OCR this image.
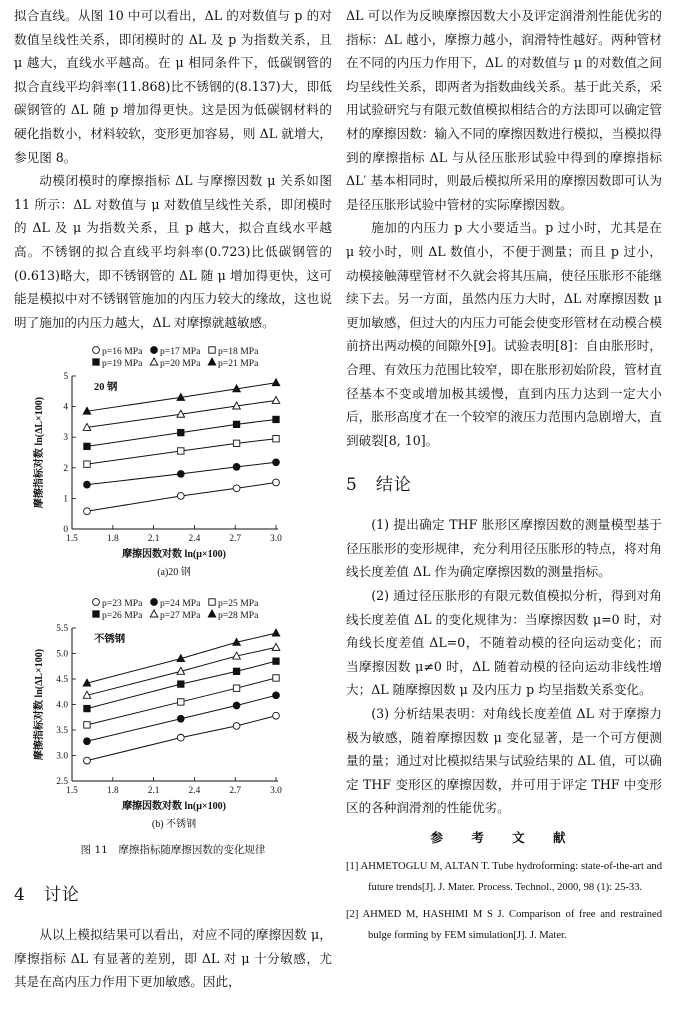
拟合直线。从图 10 中可以看出，ΔL 的对数值与 p 的对数值呈线性关系，即闭模时的 ΔL 及 p 为指数关系，且 μ 越大，直线水平越高。在 μ 相同条件下，低碳钢管的拟合直线平均斜率(11.868)比不锈钢的(8.137)大，即低碳钢管的 ΔL 随 p 增加得更快。这是因为低碳钢材料的硬化指数小，材料较软，变形更加容易，则 ΔL 就增大，参见图 8。

动模闭模时的摩擦指标 ΔL 与摩擦因数 μ 关系如图 11 所示：ΔL 对数值与 μ 对数值呈线性关系，即闭模时的 ΔL 及 μ 为指数关系，且 p 越大，拟合直线水平越高。不锈钢的拟合直线平均斜率(0.723)比低碳钢管的(0.613)略大，即不锈钢管的 ΔL 随 μ 增加得更快，这可能是模拟中对不锈钢管施加的内压力较大的缘故，这也说明了施加的内压力越大，ΔL 对摩擦就越敏感。

p=16 MPa p=17 MPa p=18 MPa
p=19 MPa p=20 MPa p=21 MPa
0
1
2
3
4
5
1.5	1.8	2.1	2.4	2.7	3.0
20 钢
摩擦因数对数 ln(μ×100)
摩擦指标对数 ln(ΔL×100)
(a)20 钢
p=23 MPa p=24 MPa p=25 MPa
p=26 MPa p=27 MPa p=28 MPa
2.5
3.0
3.5
4.0
4.5
5.0
5.5
1.5	1.8	2.1	2.4	2.7	3.0
不锈钢
摩擦因数对数 ln(μ×100)
摩擦指标对数 ln(ΔL×100)
(b) 不锈钢
图 11　摩擦指标随摩擦因数的变化规律
4　讨论

从以上模拟结果可以看出，对应不同的摩擦因数 μ，摩擦指标 ΔL 有显著的差别，即 ΔL 对 μ 十分敏感，尤其是在高内压力作用下更加敏感。因此，

ΔL 可以作为反映摩擦因数大小及评定润滑剂性能优劣的指标：ΔL 越小，摩擦力越小，润滑特性越好。两种管材在不同的内压力作用下，ΔL 的对数值与 μ 的对数值之间均呈线性关系，即两者为指数曲线关系。基于此关系，采用试验研究与有限元数值模拟相结合的方法即可以确定管材的摩擦因数：输入不同的摩擦因数进行模拟，当模拟得到的摩擦指标 ΔL 与从径压胀形试验中得到的摩擦指标 ΔL′ 基本相同时，则最后模拟所采用的摩擦因数即可认为是径压胀形试验中管材的实际摩擦因数。

施加的内压力 p 大小要适当。p 过小时，尤其是在 μ 较小时，则 ΔL 数值小，不便于测量；而且 p 过小，动模接触薄壁管材不久就会将其压扁，使径压胀形不能继续下去。另一方面，虽然内压力大时，ΔL 对摩擦因数 μ 更加敏感，但过大的内压力可能会使变形管材在动模合模前挤出两动模的间隙外[9]。试验表明[8]：自由胀形时，合理、有效压力范围比较窄，即在胀形初始阶段，管材直径基本不变或增加极其缓慢，直到内压力达到一定大小后，胀形高度才在一个较窄的液压力范围内急剧增大，直到破裂[8, 10]。

5　结论

(1) 提出确定 THF 胀形区摩擦因数的测量模型基于径压胀形的变形规律，充分利用径压胀形的特点，将对角线长度差值 ΔL 作为确定摩擦因数的测量指标。

(2) 通过径压胀形的有限元数值模拟分析，得到对角线长度差值 ΔL 的变化规律为：当摩擦因数 μ=0 时，对角线长度差值 ΔL=0，不随着动模的径向运动变化；而当摩擦因数 μ≠0 时，ΔL 随着动模的径向运动非线性增大；ΔL 随摩擦因数 μ 及内压力 p 均呈指数关系变化。

(3) 分析结果表明：对角线长度差值 ΔL 对于摩擦力极为敏感，随着摩擦因数 μ 变化显著，是一个可方便测量的量；通过对比模拟结果与试验结果的 ΔL 值，可以确定 THF 变形区的摩擦因数，并可用于评定 THF 中变形区的各种润滑剂的性能优劣。

参 考 文 献

[1] AHMETOGLU M, ALTAN T. Tube hydroforming: state-of-the-art and future trends[J]. J. Mater. Process. Technol., 2000, 98 (1): 25-33.

[2] AHMED M, HASHIMI M S J. Comparison of free and restrained bulge forming by FEM simulation[J]. J. Mater.
